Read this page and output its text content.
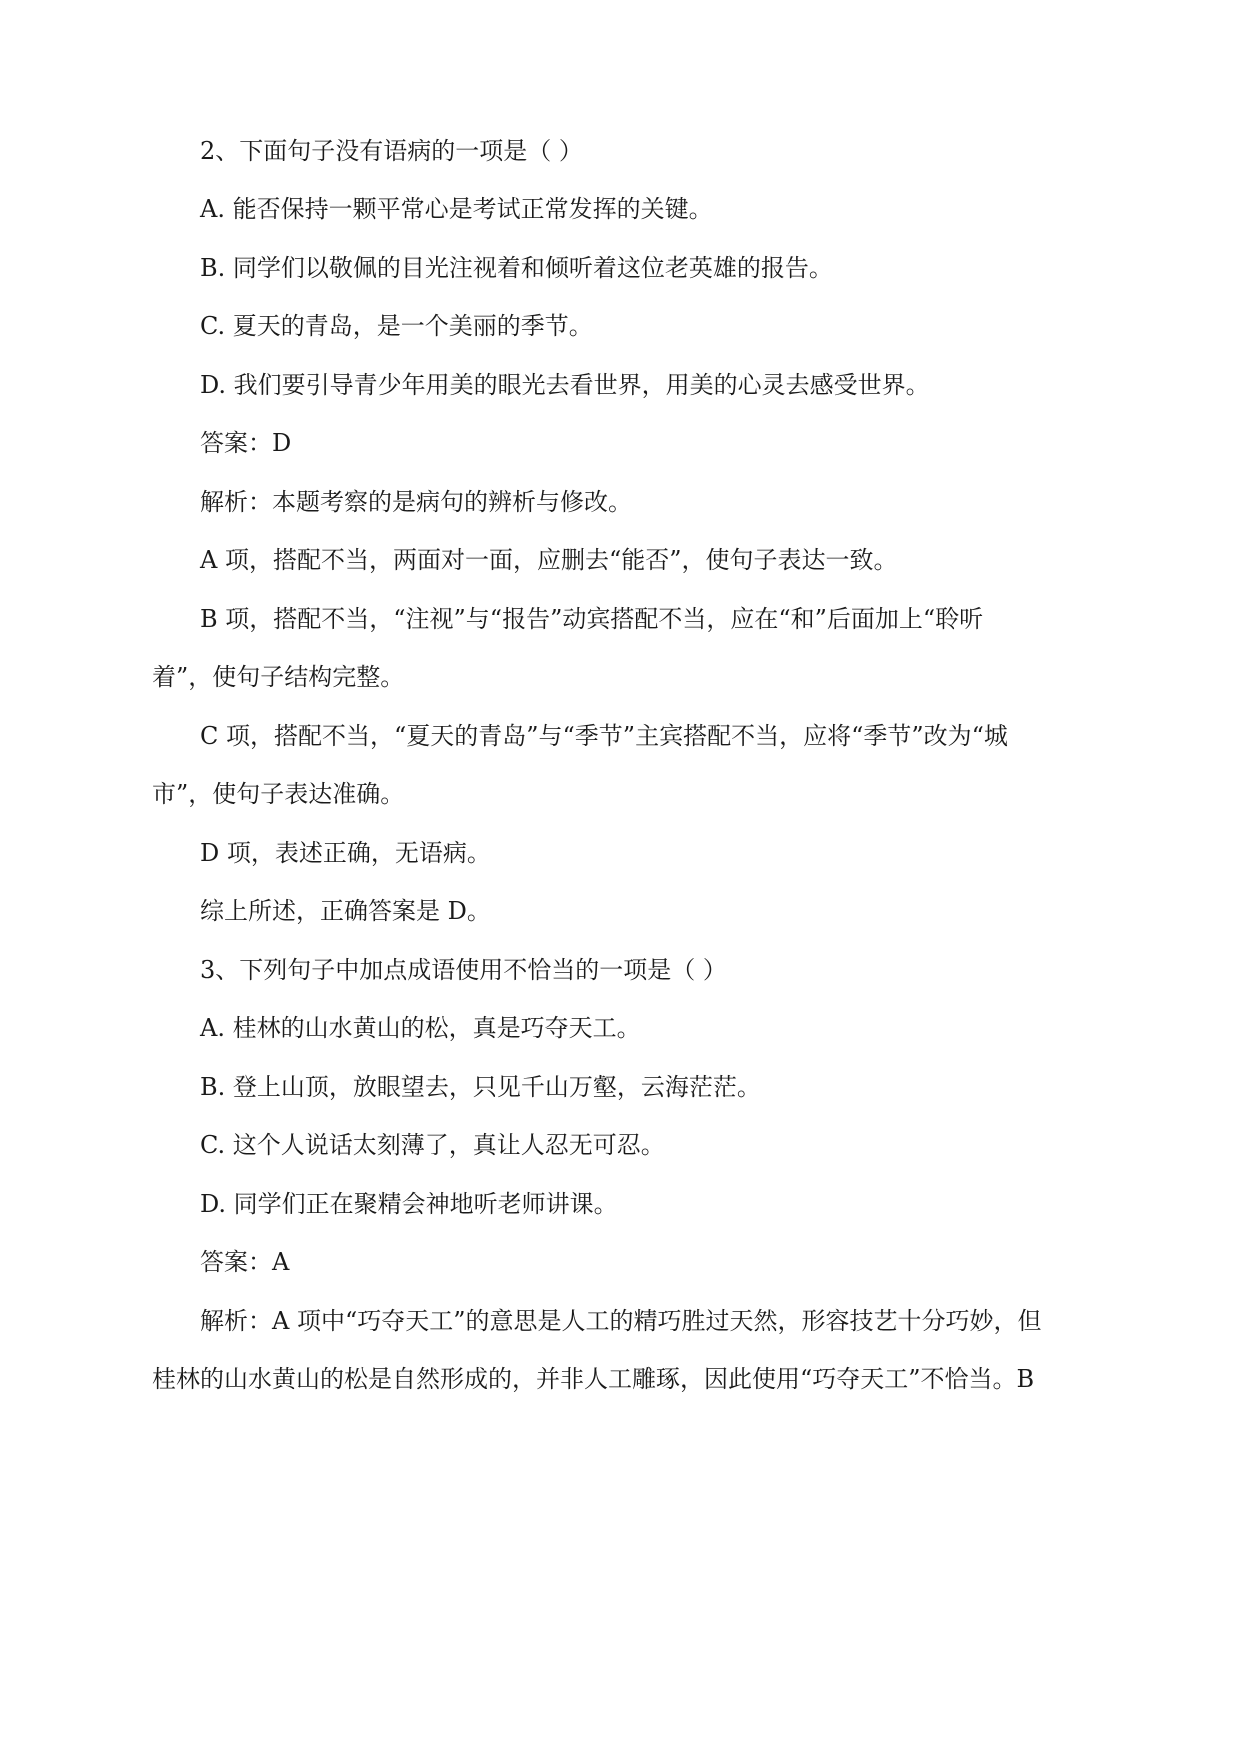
2、下面句子没有语病的一项是（ ）
A. 能否保持一颗平常心是考试正常发挥的关键。
B. 同学们以敬佩的目光注视着和倾听着这位老英雄的报告。
C. 夏天的青岛，是一个美丽的季节。
D. 我们要引导青少年用美的眼光去看世界，用美的心灵去感受世界。
答案：D
解析：本题考察的是病句的辨析与修改。
A 项，搭配不当，两面对一面，应删去“能否”，使句子表达一致。
B 项，搭配不当，“注视”与“报告”动宾搭配不当，应在“和”后面加上“聆听
着”，使句子结构完整。
C 项，搭配不当，“夏天的青岛”与“季节”主宾搭配不当，应将“季节”改为“城
市”，使句子表达准确。
D 项，表述正确，无语病。
综上所述，正确答案是 D。
3、下列句子中加点成语使用不恰当的一项是（ ）
A. 桂林的山水黄山的松，真是巧夺天工。
B. 登上山顶，放眼望去，只见千山万壑，云海茫茫。
C. 这个人说话太刻薄了，真让人忍无可忍。
D. 同学们正在聚精会神地听老师讲课。
答案：A
解析：A 项中“巧夺天工”的意思是人工的精巧胜过天然，形容技艺十分巧妙，但
桂林的山水黄山的松是自然形成的，并非人工雕琢，因此使用“巧夺天工”不恰当。B
